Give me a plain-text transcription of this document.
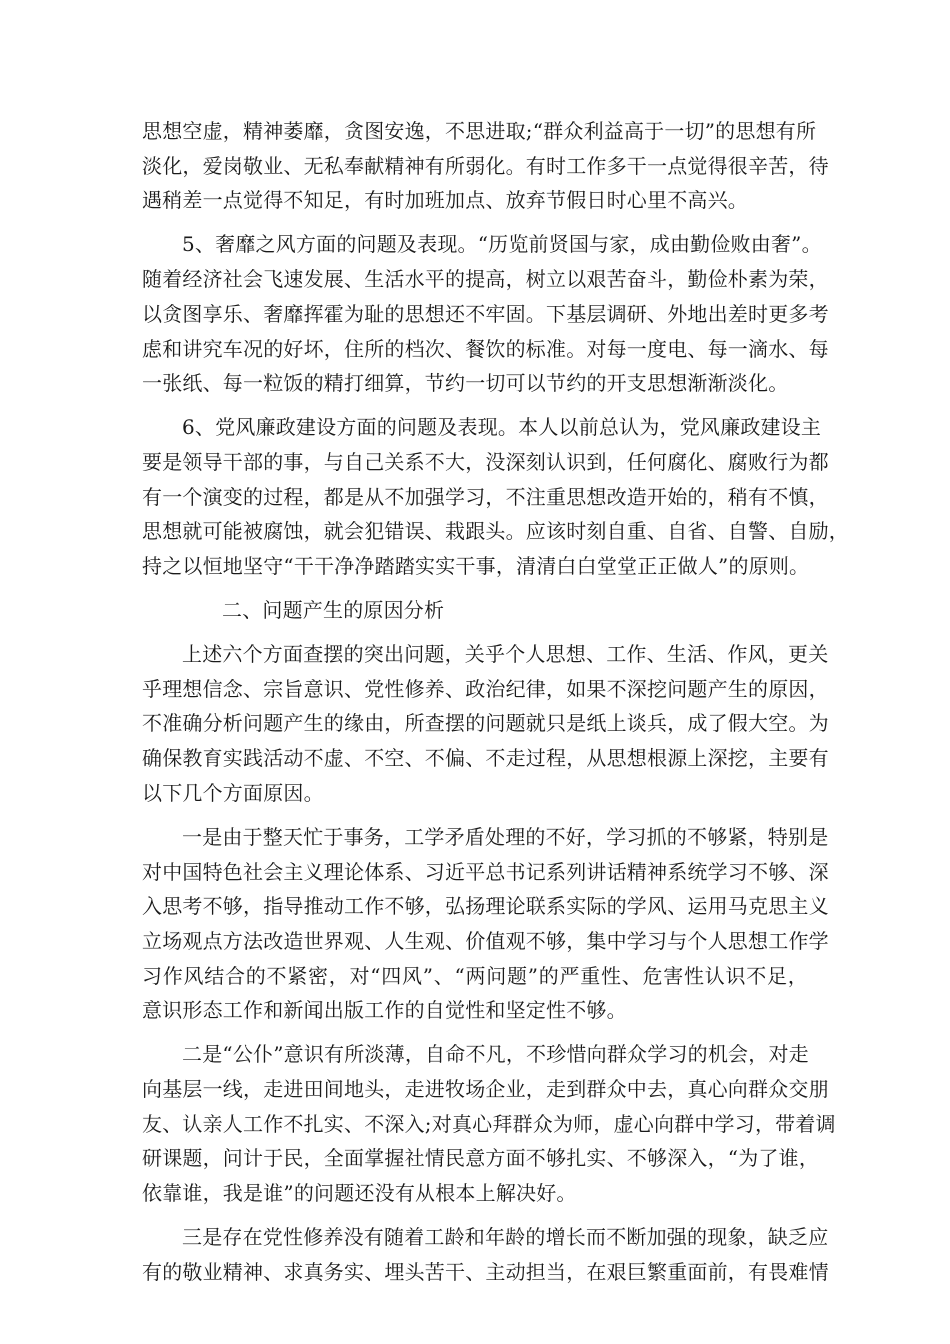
思想空虚，精神萎靡，贪图安逸，不思进取;“群众利益高于一切”的思想有所
淡化，爱岗敬业、无私奉献精神有所弱化。有时工作多干一点觉得很辛苦，待
遇稍差一点觉得不知足，有时加班加点、放弃节假日时心里不高兴。
5、奢靡之风方面的问题及表现。“历览前贤国与家，成由勤俭败由奢”。
随着经济社会飞速发展、生活水平的提高，树立以艰苦奋斗，勤俭朴素为荣，
以贪图享乐、奢靡挥霍为耻的思想还不牢固。下基层调研、外地出差时更多考
虑和讲究车况的好坏，住所的档次、餐饮的标准。对每一度电、每一滴水、每
一张纸、每一粒饭的精打细算，节约一切可以节约的开支思想渐渐淡化。
6、党风廉政建设方面的问题及表现。本人以前总认为，党风廉政建设主
要是领导干部的事，与自己关系不大，没深刻认识到，任何腐化、腐败行为都
有一个演变的过程，都是从不加强学习，不注重思想改造开始的，稍有不慎，
思想就可能被腐蚀，就会犯错误、栽跟头。应该时刻自重、自省、自警、自励，
持之以恒地坚守“干干净净踏踏实实干事，清清白白堂堂正正做人”的原则。
二、问题产生的原因分析
上述六个方面查摆的突出问题，关乎个人思想、工作、生活、作风，更关
乎理想信念、宗旨意识、党性修养、政治纪律，如果不深挖问题产生的原因，
不准确分析问题产生的缘由，所查摆的问题就只是纸上谈兵，成了假大空。为
确保教育实践活动不虚、不空、不偏、不走过程，从思想根源上深挖，主要有
以下几个方面原因。
一是由于整天忙于事务，工学矛盾处理的不好，学习抓的不够紧，特别是
对中国特色社会主义理论体系、习近平总书记系列讲话精神系统学习不够、深
入思考不够，指导推动工作不够，弘扬理论联系实际的学风、运用马克思主义
立场观点方法改造世界观、人生观、价值观不够，集中学习与个人思想工作学
习作风结合的不紧密，对“四风”、“两问题”的严重性、危害性认识不足，
意识形态工作和新闻出版工作的自觉性和坚定性不够。
二是“公仆”意识有所淡薄，自命不凡，不珍惜向群众学习的机会，对走
向基层一线，走进田间地头，走进牧场企业，走到群众中去，真心向群众交朋
友、认亲人工作不扎实、不深入;对真心拜群众为师，虚心向群中学习，带着调
研课题，问计于民，全面掌握社情民意方面不够扎实、不够深入，“为了谁，
依靠谁，我是谁”的问题还没有从根本上解决好。
三是存在党性修养没有随着工龄和年龄的增长而不断加强的现象，缺乏应
有的敬业精神、求真务实、埋头苦干、主动担当，在艰巨繁重面前，有畏难情
